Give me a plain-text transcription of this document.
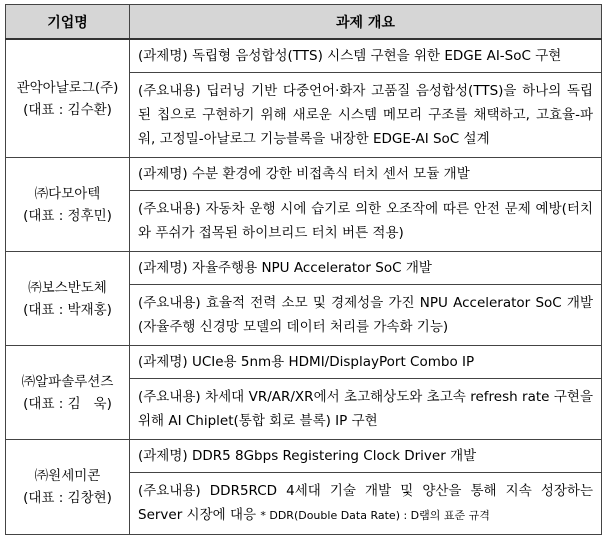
기업명	과제 개요

관악아날로그(주)
(대표 : 김수환)	(과제명) 독립형 음성합성(TTS) 시스템 구현을 위한 EDGE AI-SoC 구현
	(주요내용) 딥러닝 기반 다중언어·화자 고품질 음성합성(TTS)을 하나의 독립된 칩으로 구현하기 위해 새로운 시스템 메모리 구조를 채택하고, 고효율-파워, 고정밀-아날로그 기능블록을 내장한 EDGE-AI SoC 설계

㈜다모아텍
(대표 : 정후민)	(과제명) 수분 환경에 강한 비접촉식 터치 센서 모듈 개발
	(주요내용) 자동차 운행 시에 습기로 의한 오조작에 따른 안전 문제 예방(터치와 푸쉬가 접목된 하이브리드 터치 버튼 적용)

㈜보스반도체
(대표 : 박재홍)	(과제명) 자율주행용 NPU Accelerator SoC 개발
	(주요내용) 효율적 전력 소모 및 경제성을 가진 NPU Accelerator SoC 개발(자율주행 신경망 모델의 데이터 처리를 가속화 기능)

㈜알파솔루션즈
(대표 : 김   욱)	(과제명) UCIe용 5nm용 HDMI/DisplayPort Combo IP
	(주요내용) 차세대 VR/AR/XR에서 초고해상도와 초고속 refresh rate 구현을 위해 AI Chiplet(통합 회로 블록) IP 구현

㈜원세미콘
(대표 : 김창현)	(과제명) DDR5 8Gbps Registering Clock Driver 개발
	(주요내용) DDR5RCD 4세대 기술 개발 및 양산을 통해 지속 성장하는 Server 시장에 대응 * DDR(Double Data Rate) : D램의 표준 규격
